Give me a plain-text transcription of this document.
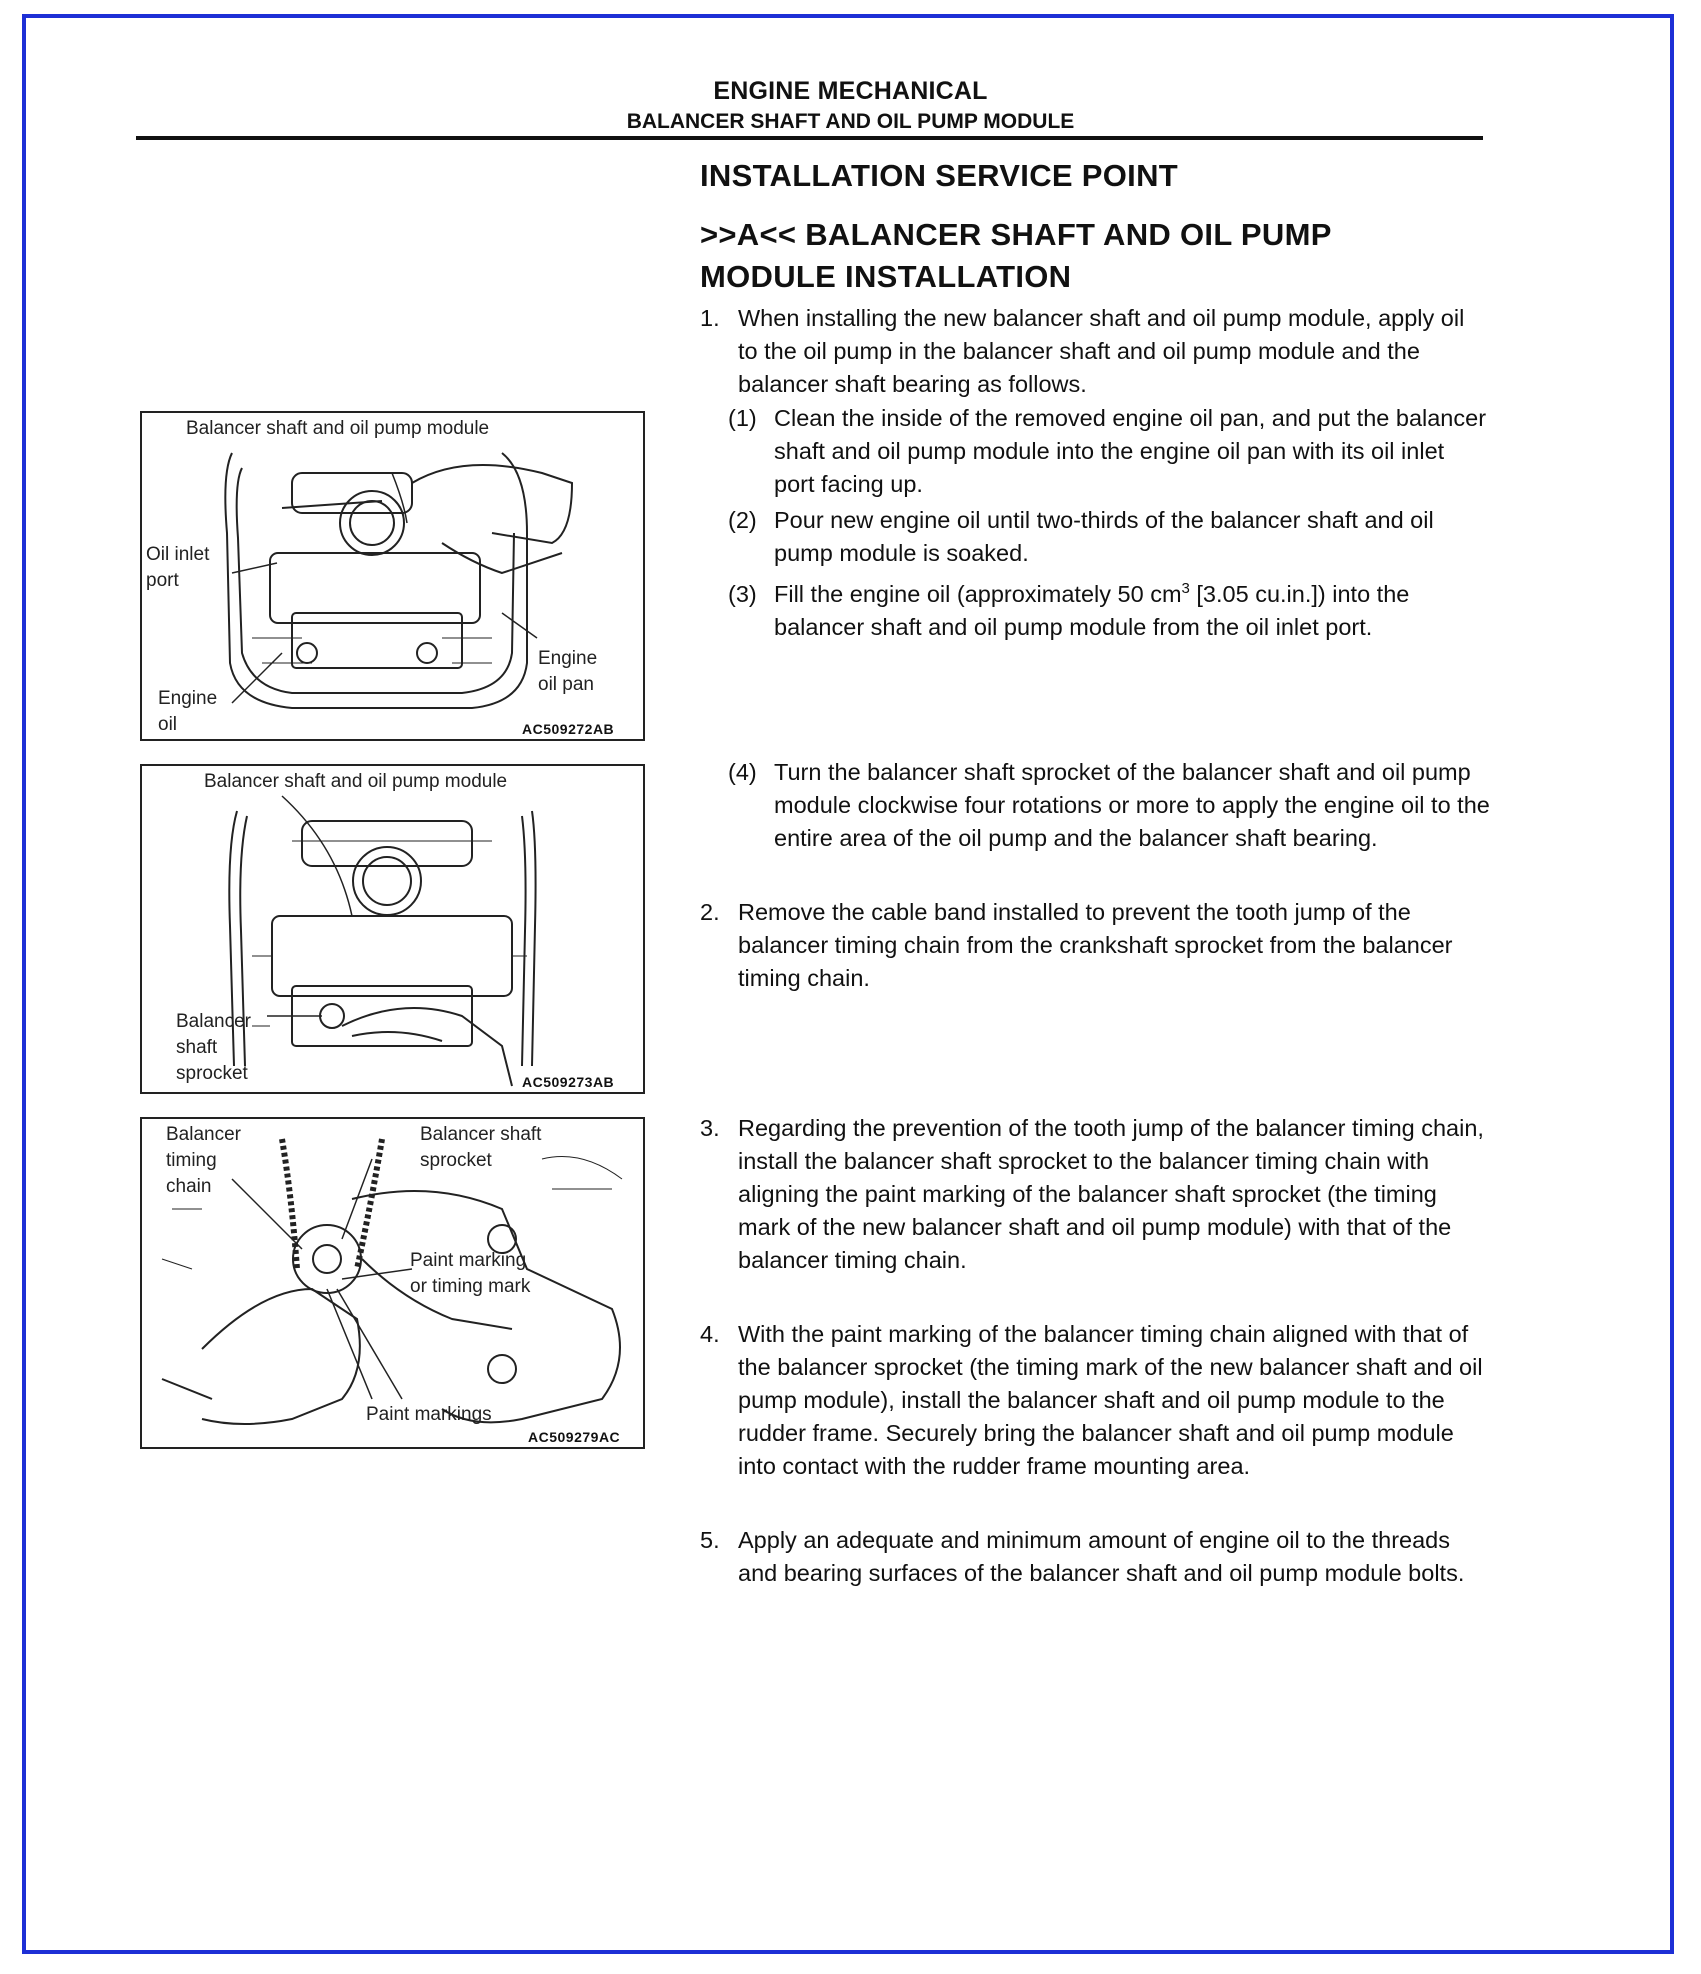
ENGINE MECHANICAL
BALANCER SHAFT AND OIL PUMP MODULE
INSTALLATION SERVICE POINT
>>A<< BALANCER SHAFT AND OIL PUMP MODULE INSTALLATION
1. When installing the new balancer shaft and oil pump module, apply oil to the oil pump in the balancer shaft and oil pump module and the balancer shaft bearing as follows.
(1) Clean the inside of the removed engine oil pan, and put the balancer shaft and oil pump module into the engine oil pan with its oil inlet port facing up.
(2) Pour new engine oil until two-thirds of the balancer shaft and oil pump module is soaked.
(3) Fill the engine oil (approximately 50 $cm^3$ [3.05 cu.in.]) into the balancer shaft and oil pump module from the oil inlet port.
(4) Turn the balancer shaft sprocket of the balancer shaft and oil pump module clockwise four rotations or more to apply the engine oil to the entire area of the oil pump and the balancer shaft bearing.
2. Remove the cable band installed to prevent the tooth jump of the balancer timing chain from the crankshaft sprocket from the balancer timing chain.
3. Regarding the prevention of the tooth jump of the balancer timing chain, install the balancer shaft sprocket to the balancer timing chain with aligning the paint marking of the balancer shaft sprocket (the timing mark of the new balancer shaft and oil pump module) with that of the balancer timing chain.
4. With the paint marking of the balancer timing chain aligned with that of the balancer sprocket (the timing mark of the new balancer shaft and oil pump module), install the balancer shaft and oil pump module to the rudder frame. Securely bring the balancer shaft and oil pump module into contact with the rudder frame mounting area.
5. Apply an adequate and minimum amount of engine oil to the threads and bearing surfaces of the balancer shaft and oil pump module bolts.
Balancer shaft and oil pump module
Oil inlet
port
Engine
oil pan
Engine
oil	AC509272AB
Balancer shaft and oil pump module
Balancer
shaft
sprocket	AC509273AB
Balancer
timing
chain
Balancer shaft
sprocket
Paint marking
or timing mark
Paint markings
AC509279AC
